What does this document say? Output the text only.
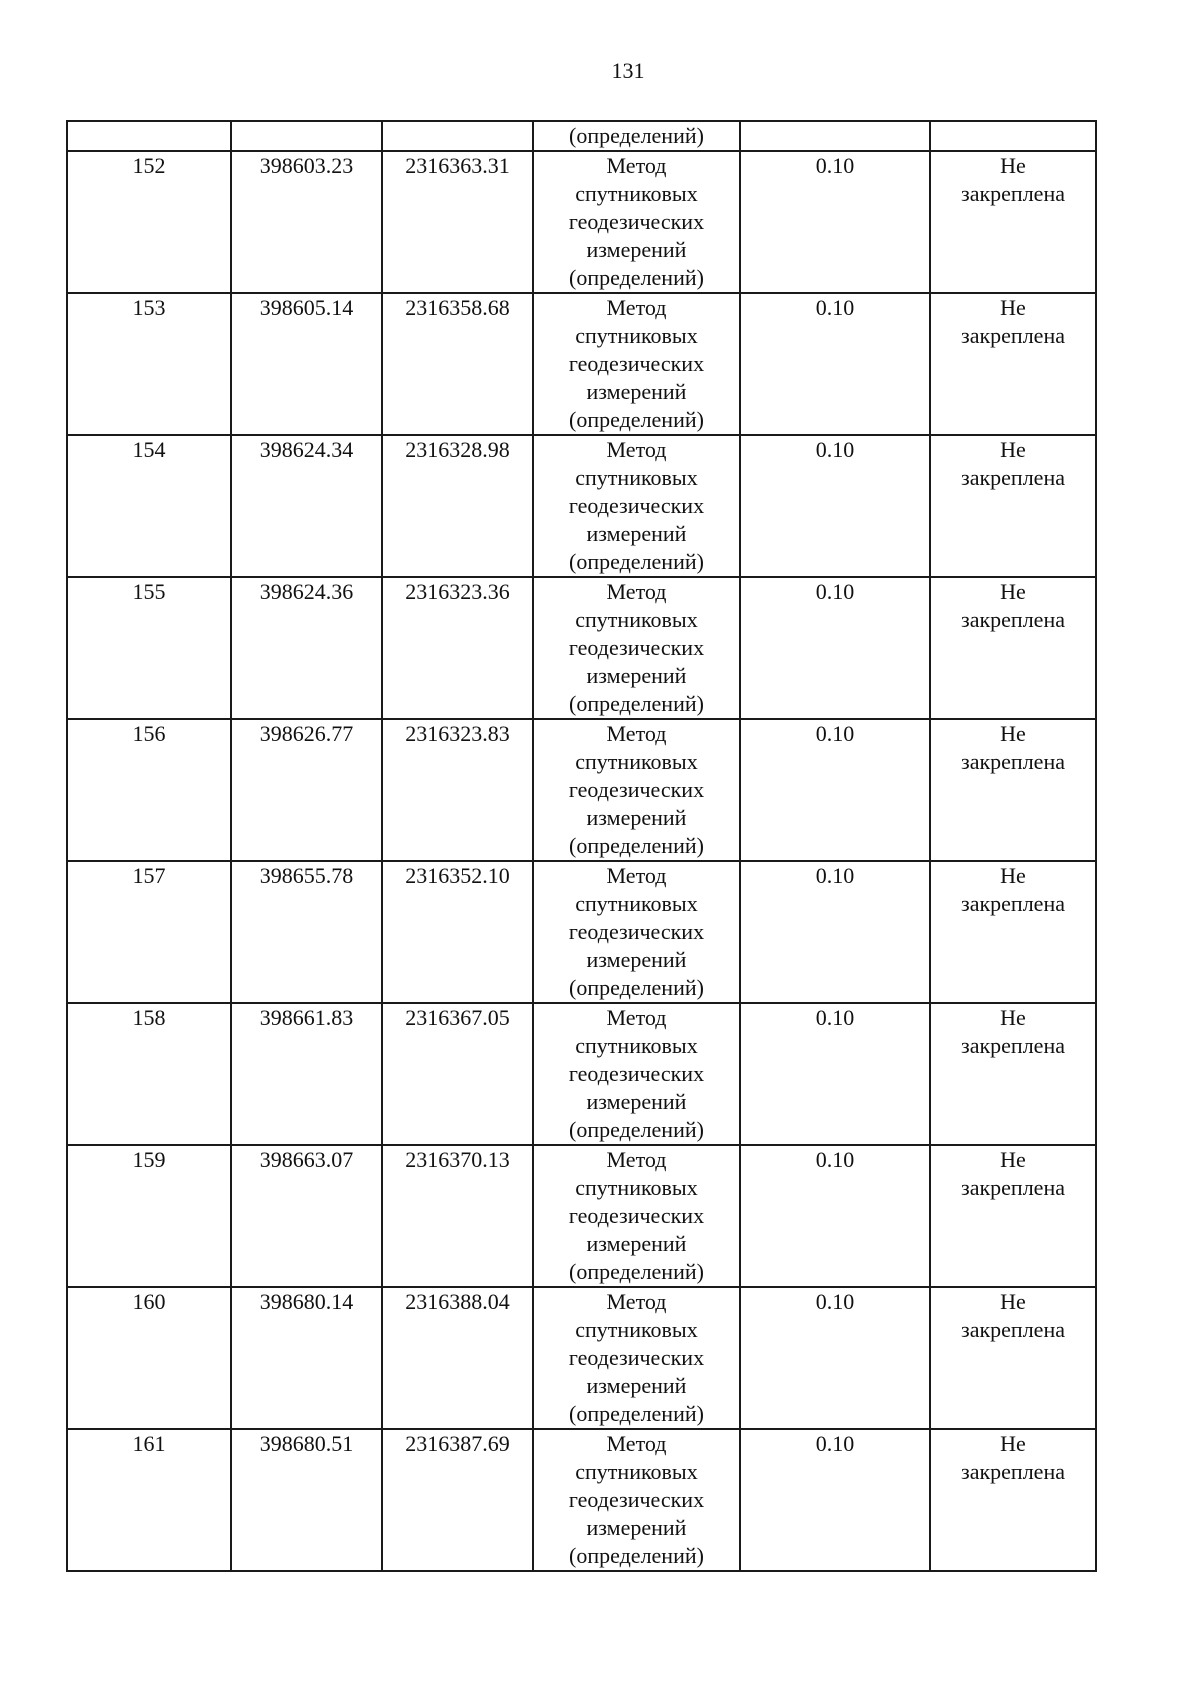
131
			(определений)		
152	398603.23	2316363.31	Метод
спутниковых
геодезических
измерений
(определений)	0.10	Не
закреплена

153	398605.14	2316358.68	Метод
спутниковых
геодезических
измерений
(определений)	0.10	Не
закреплена

154	398624.34	2316328.98	Метод
спутниковых
геодезических
измерений
(определений)	0.10	Не
закреплена

155	398624.36	2316323.36	Метод
спутниковых
геодезических
измерений
(определений)	0.10	Не
закреплена

156	398626.77	2316323.83	Метод
спутниковых
геодезических
измерений
(определений)	0.10	Не
закреплена

157	398655.78	2316352.10	Метод
спутниковых
геодезических
измерений
(определений)	0.10	Не
закреплена

158	398661.83	2316367.05	Метод
спутниковых
геодезических
измерений
(определений)	0.10	Не
закреплена

159	398663.07	2316370.13	Метод
спутниковых
геодезических
измерений
(определений)	0.10	Не
закреплена

160	398680.14	2316388.04	Метод
спутниковых
геодезических
измерений
(определений)	0.10	Не
закреплена

161	398680.51	2316387.69	Метод
спутниковых
геодезических
измерений
(определений)	0.10	Не
закреплена
